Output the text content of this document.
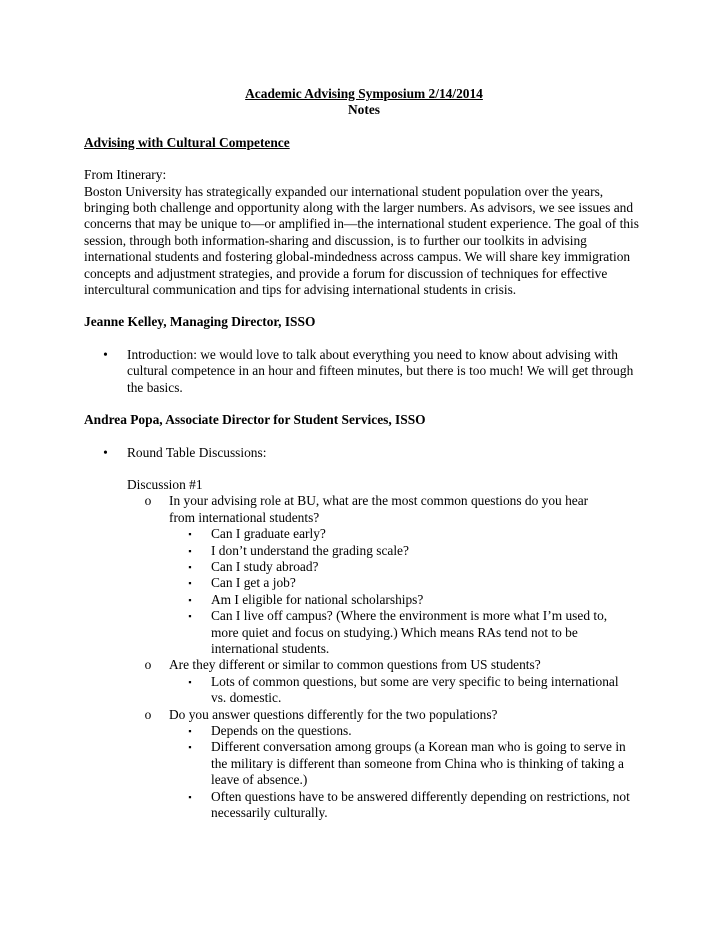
Academic Advising Symposium 2/14/2014

Notes

Advising with Cultural Competence

From Itinerary:

Boston University has strategically expanded our international student population over the years, bringing both challenge and opportunity along with the larger numbers. As advisors, we see issues and concerns that may be unique to—or amplified in—the international student experience. The goal of this session, through both information-sharing and discussion, is to further our toolkits in advising international students and fostering global-mindedness across campus. We will share key immigration concepts and adjustment strategies, and provide a forum for discussion of techniques for effective intercultural communication and tips for advising international students in crisis.

Jeanne Kelley, Managing Director, ISSO

•	Introduction: we would love to talk about everything you need to know about advising with cultural competence in an hour and fifteen minutes, but there is too much! We will get through the basics.

Andrea Popa, Associate Director for Student Services, ISSO

•	Round Table Discussions:

Discussion #1

o	In your advising role at BU, what are the most common questions do you hear from international students?
▪	Can I graduate early?
▪	I don’t understand the grading scale?
▪	Can I study abroad?
▪	Can I get a job?
▪	Am I eligible for national scholarships?
▪	Can I live off campus? (Where the environment is more what I’m used to, more quiet and focus on studying.) Which means RAs tend not to be international students.
o	Are they different or similar to common questions from US students?
▪	Lots of common questions, but some are very specific to being international vs. domestic.
o	Do you answer questions differently for the two populations?
▪	Depends on the questions.
▪	Different conversation among groups (a Korean man who is going to serve in the military is different than someone from China who is thinking of taking a leave of absence.)
▪	Often questions have to be answered differently depending on restrictions, not necessarily culturally.
